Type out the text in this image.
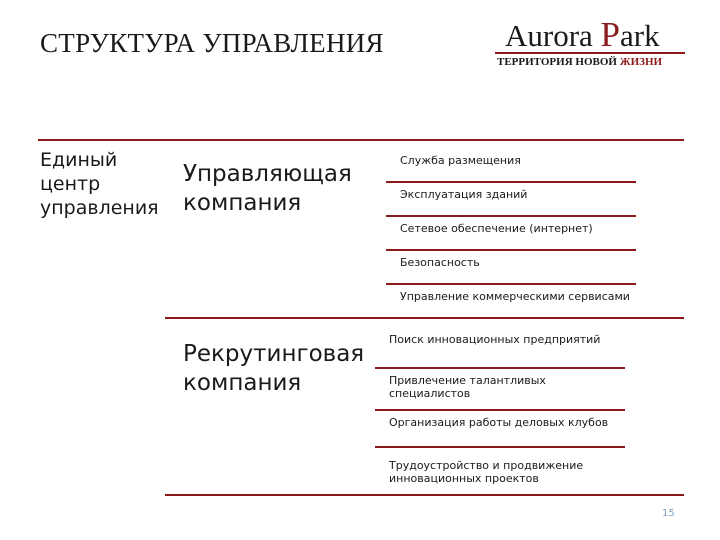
СТРУКТУРА УПРАВЛЕНИЯ	Aurora Park
ТЕРРИТОРИЯ НОВОЙ ЖИЗНИ
Единый центр управления
Управляющая компания
Служба размещения
Эксплуатация зданий
Сетевое обеспечение (интернет)
Безопасность
Управление коммерческими сервисами
Рекрутинговая компания
Поиск инновационных предприятий
Привлечение талантливых специалистов
Организация работы деловых клубов
Трудоустройство и продвижение инновационных проектов
15
